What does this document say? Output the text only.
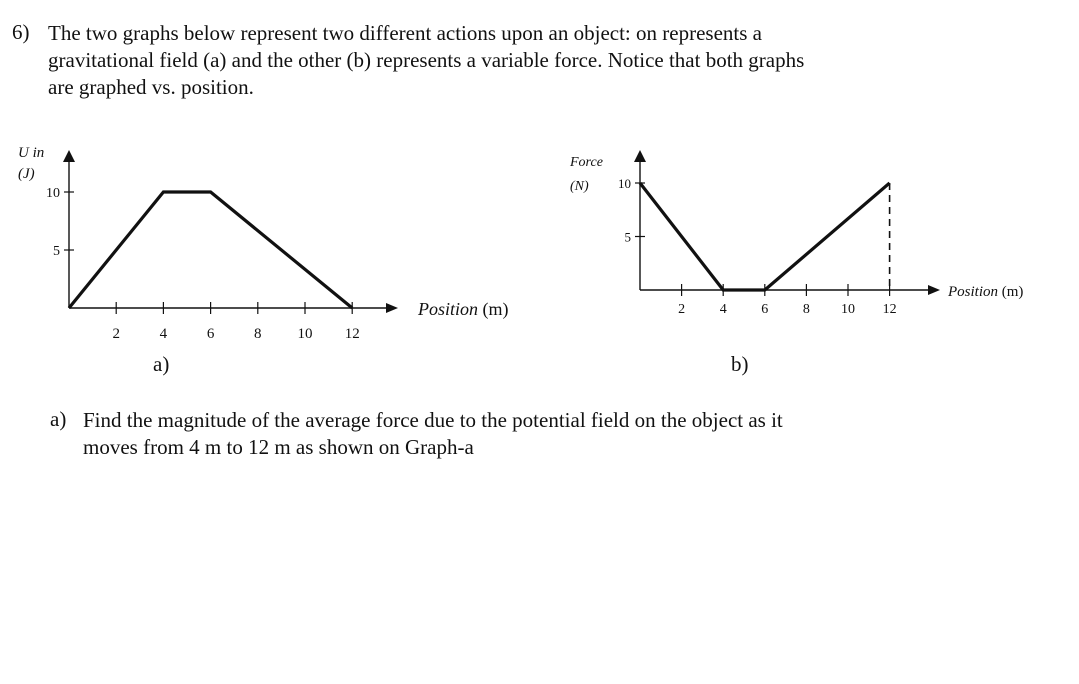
6) The two graphs below represent two different actions upon an object: on represents a
gravitational field (a) and the other (b) represents a variable force. Notice that both graphs
are graphed vs. position.
U in
(J)
5
10
2	4	6	8 10 12
Position (m)
Force
(N)
5
10
2 4 6 8 10 12
Position (m)
a)	b)
a) Find the magnitude of the average force due to the potential field on the object as it
moves from 4 m to 12 m as shown on Graph-a
